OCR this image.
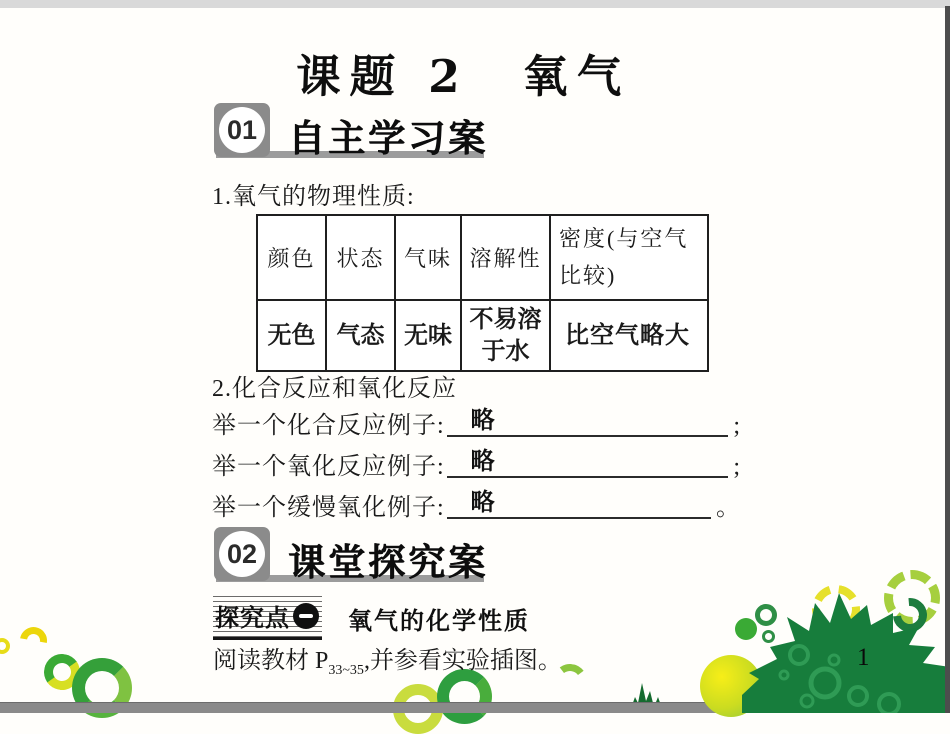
课题 2　氧气
01 自主学习案
1.氧气的物理性质:
颜色	状态	气味	溶解性	密度(与空气比较)
无色	气态	无味	不易溶于水	比空气略大
2.化合反应和氧化反应
举一个化合反应例子:	略	;
举一个氧化反应例子:	略	;
举一个缓慢氧化例子:	略	。
02 课堂探究案
探究点 氧气的化学性质
阅读教材 $P_{33\sim 35}$,并参看实验插图。	1
